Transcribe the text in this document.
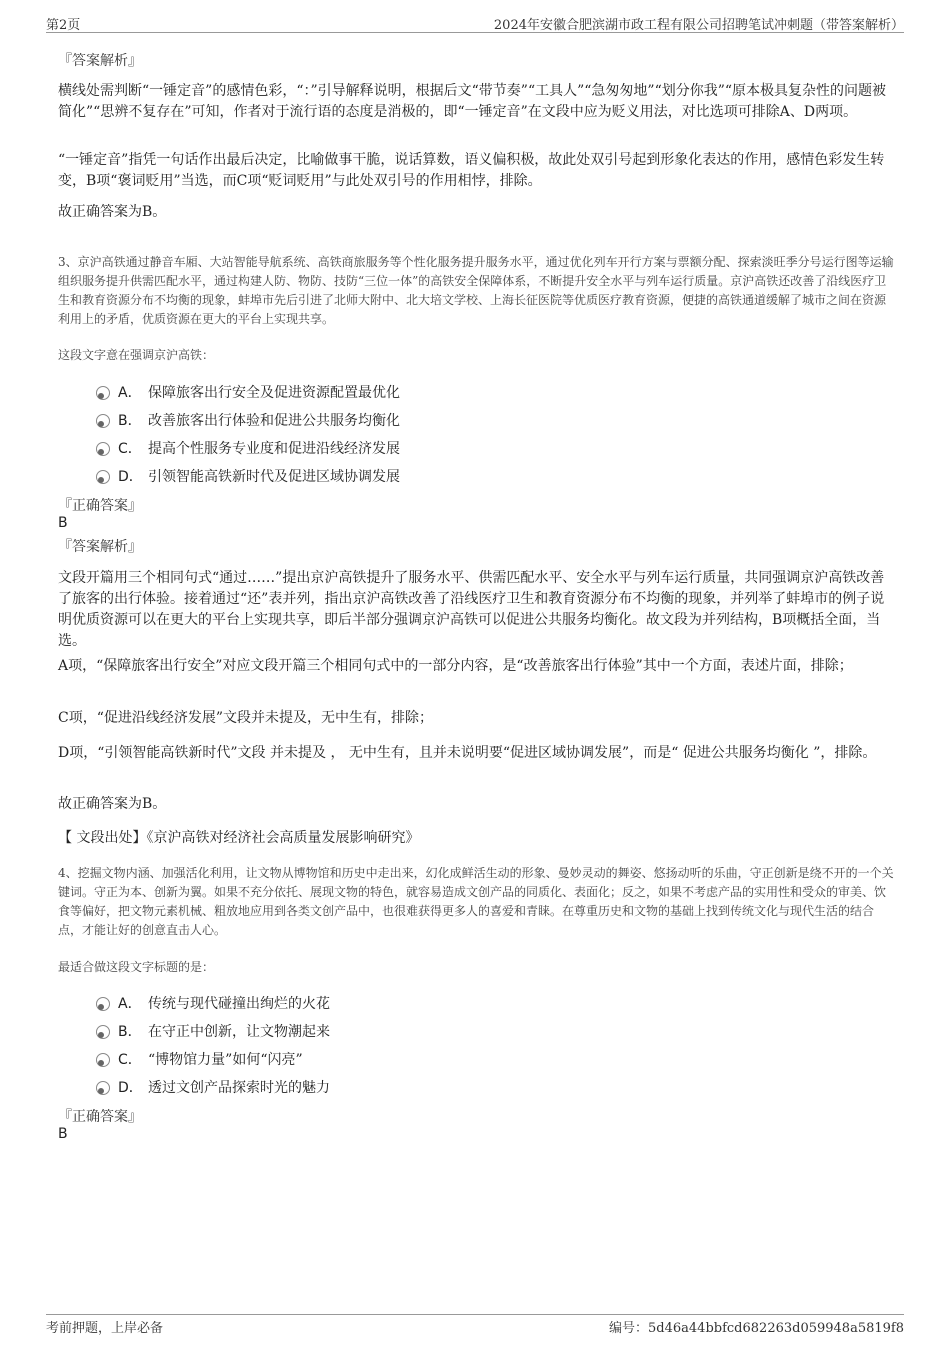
第2页	2024年安徽合肥滨湖市政工程有限公司招聘笔试冲刺题（带答案解析）
『答案解析』
横线处需判断“一锤定音”的感情色彩，“：”引导解释说明，根据后文“带节奏”“工具人”“急匆匆地”“划分你我”“原本极具复杂性的问题被简化”“思辨不复存在”可知，作者对于流行语的态度是消极的，即“一锤定音”在文段中应为贬义用法，对比选项可排除A、D两项。
“一锤定音”指凭一句话作出最后决定，比喻做事干脆，说话算数，语义偏积极，故此处双引号起到形象化表达的作用，感情色彩发生转变，B项“褒词贬用”当选，而C项“贬词贬用”与此处双引号的作用相悖，排除。
故正确答案为B。
3、京沪高铁通过静音车厢、大站智能导航系统、高铁商旅服务等个性化服务提升服务水平，通过优化列车开行方案与票额分配、探索淡旺季分号运行图等运输组织服务提升供需匹配水平，通过构建人防、物防、技防“三位一体”的高铁安全保障体系，不断提升安全水平与列车运行质量。京沪高铁还改善了沿线医疗卫生和教育资源分布不均衡的现象，蚌埠市先后引进了北师大附中、北大培文学校、上海长征医院等优质医疗教育资源，便捷的高铁通道缓解了城市之间在资源利用上的矛盾，优质资源在更大的平台上实现共享。
这段文字意在强调京沪高铁：
A． 保障旅客出行安全及促进资源配置最优化
B． 改善旅客出行体验和促进公共服务均衡化
C． 提高个性服务专业度和促进沿线经济发展
D． 引领智能高铁新时代及促进区域协调发展
『正确答案』
B
『答案解析』
文段开篇用三个相同句式“通过……”提出京沪高铁提升了服务水平、供需匹配水平、安全水平与列车运行质量，共同强调京沪高铁改善了旅客的出行体验。接着通过“还”表并列，指出京沪高铁改善了沿线医疗卫生和教育资源分布不均衡的现象，并列举了蚌埠市的例子说明优质资源可以在更大的平台上实现共享，即后半部分强调京沪高铁可以促进公共服务均衡化。故文段为并列结构，B项概括全面，当选。
A项，“保障旅客出行安全”对应文段开篇三个相同句式中的一部分内容，是“改善旅客出行体验”其中一个方面，表述片面，排除；
C项，“促进沿线经济发展”文段并未提及，无中生有，排除；
D项，“引领智能高铁新时代”文段 并未提及 ， 无中生有，且并未说明要“促进区域协调发展”，而是“ 促进公共服务均衡化 ”，排除。
故正确答案为B。
【 文段出处】《京沪高铁对经济社会高质量发展影响研究》
4、挖掘文物内涵、加强活化利用，让文物从博物馆和历史中走出来，幻化成鲜活生动的形象、曼妙灵动的舞姿、悠扬动听的乐曲，守正创新是绕不开的一个关键词。守正为本、创新为翼。如果不充分依托、展现文物的特色，就容易造成文创产品的同质化、表面化；反之，如果不考虑产品的实用性和受众的审美、饮食等偏好，把文物元素机械、粗放地应用到各类文创产品中，也很难获得更多人的喜爱和青睐。在尊重历史和文物的基础上找到传统文化与现代生活的结合点，才能让好的创意直击人心。
最适合做这段文字标题的是：
A． 传统与现代碰撞出绚烂的火花
B． 在守正中创新，让文物潮起来
C． “博物馆力量”如何“闪亮”
D． 透过文创产品探索时光的魅力
『正确答案』
B
考前押题，上岸必备	编号：5d46a44bbfcd682263d059948a5819f8
